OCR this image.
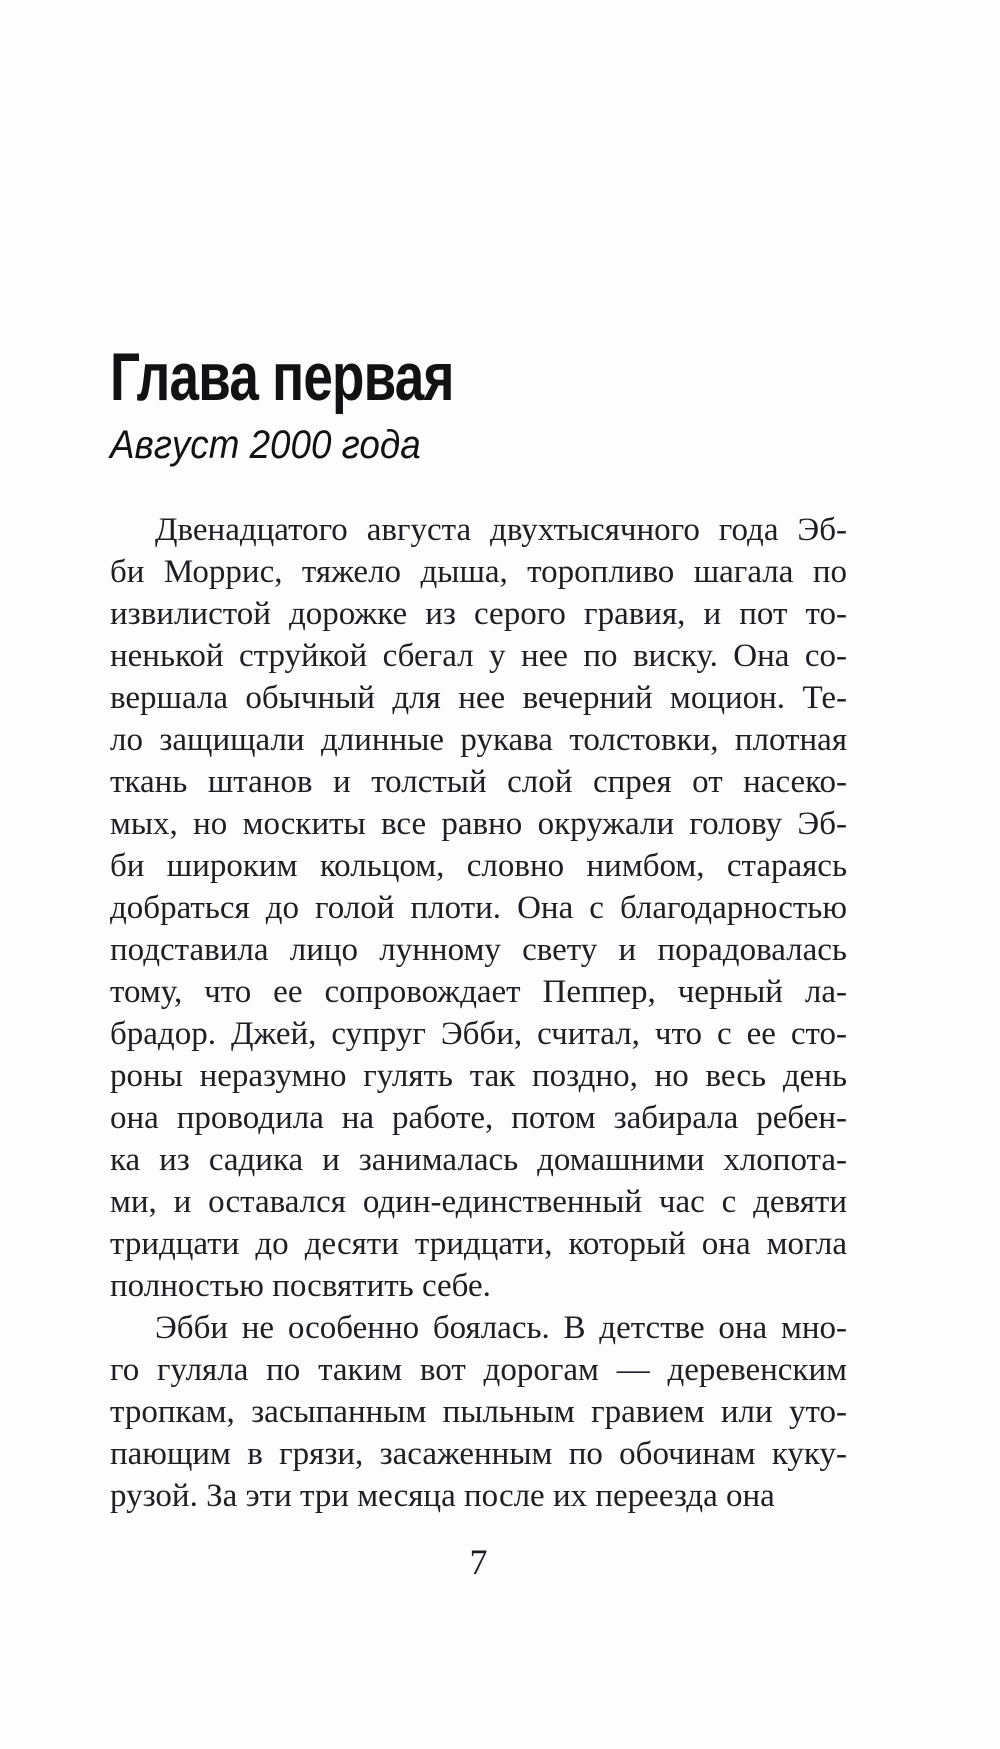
Глава первая

Август 2000 года

Двенадцатого августа двухтысячного года Эб-
би Моррис, тяжело дыша, торопливо шагала по
извилистой дорожке из серого гравия, и пот то-
ненькой струйкой сбегал у нее по виску. Она со-
вершала обычный для нее вечерний моцион. Те-
ло защищали длинные рукава толстовки, плотная
ткань штанов и толстый слой спрея от насеко-
мых, но москиты все равно окружали голову Эб-
би широким кольцом, словно нимбом, стараясь
добраться до голой плоти. Она с благодарностью
подставила лицо лунному свету и порадовалась
тому, что ее сопровождает Пеппер, черный ла-
брадор. Джей, супруг Эбби, считал, что с ее сто-
роны неразумно гулять так поздно, но весь день
она проводила на работе, потом забирала ребен-
ка из садика и занималась домашними хлопота-
ми, и оставался один-единственный час с девяти
тридцати до десяти тридцати, который она могла
полностью посвятить себе.
Эбби не особенно боялась. В детстве она мно-
го гуляла по таким вот дорогам — деревенским
тропкам, засыпанным пыльным гравием или уто-
пающим в грязи, засаженным по обочинам куку-
рузой. За эти три месяца после их переезда она
7
